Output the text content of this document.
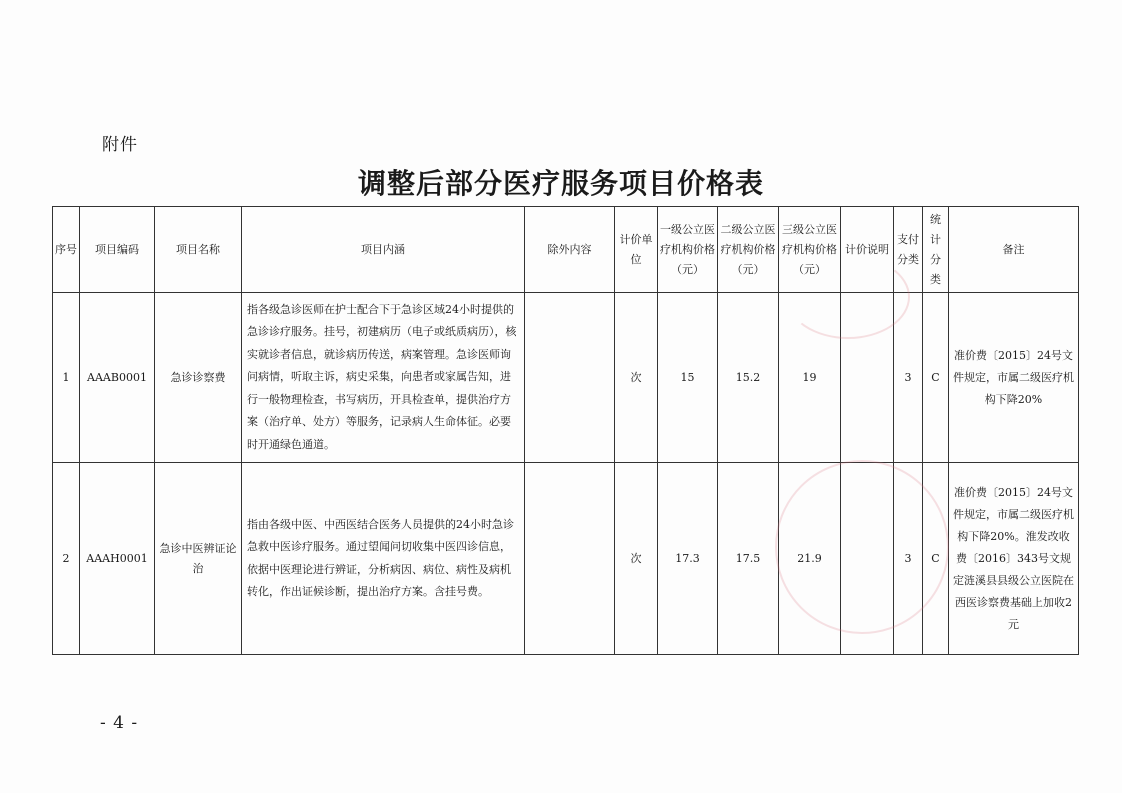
附件
调整后部分医疗服务项目价格表
序号	项目编码	项目名称	项目内涵	除外内容	计价单位	一级公立医疗机构价格（元）	二级公立医疗机构价格（元）	三级公立医疗机构价格（元）	计价说明	支付分类	统计分类	备注
1	AAAB0001	急诊诊察费	指各级急诊医师在护士配合下于急诊区域24小时提供的急诊诊疗服务。挂号，初建病历（电子或纸质病历），核实就诊者信息，就诊病历传送，病案管理。急诊医师询问病情，听取主诉，病史采集，向患者或家属告知，进行一般物理检查，书写病历，开具检查单，提供治疗方案（治疗单、处方）等服务，记录病人生命体征。必要时开通绿色通道。		次	15	15.2	19		3	C	准价费〔2015〕24号文件规定，市属二级医疗机构下降20%
2	AAAH0001	急诊中医辨证论治	指由各级中医、中西医结合医务人员提供的24小时急诊急救中医诊疗服务。通过望闻问切收集中医四诊信息，依据中医理论进行辨证，分析病因、病位、病性及病机转化，作出证候诊断，提出治疗方案。含挂号费。		次	17.3	17.5	21.9		3	C	准价费〔2015〕24号文件规定，市属二级医疗机构下降20%。淮发改收费〔2016〕343号文规定涟溪县县级公立医院在西医诊察费基础上加收2元
- 4 -
